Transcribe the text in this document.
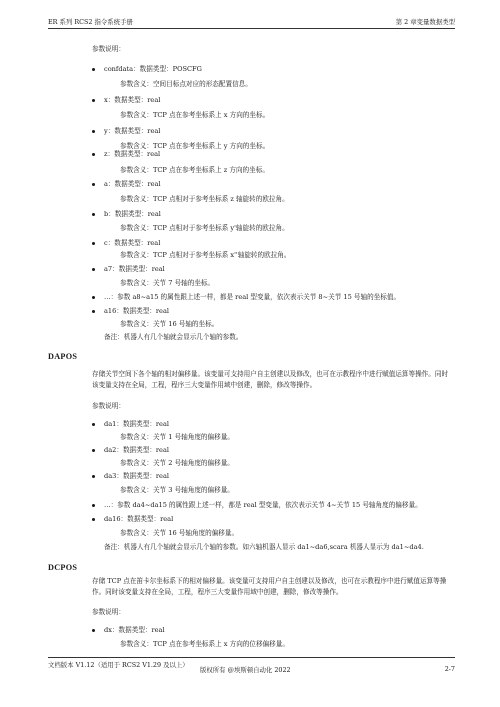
ER 系列 RCS2 指令系统手册	第 2 章变量数据类型
参数说明：
confdata：数据类型：POSCFG
参数含义：空间目标点对应的形态配置信息。
x：数据类型：real
参数含义：TCP 点在参考坐标系上 x 方向的坐标。
y：数据类型：real
参数含义：TCP 点在参考坐标系上 y 方向的坐标。
z：数据类型：real
参数含义：TCP 点在参考坐标系上 z 方向的坐标。
a：数据类型：real
参数含义：TCP 点相对于参考坐标系 z 轴旋转的欧拉角。
b：数据类型：real
参数含义：TCP 点相对于参考坐标系 y'轴旋转的欧拉角。
c：数据类型：real
参数含义：TCP 点相对于参考坐标系 x''轴旋转的欧拉角。
a7：数据类型：real
参数含义：关节 7 号轴的坐标。
…：参数 a8~a15 的属性跟上述一样，都是 real 型变量，依次表示关节 8~关节 15 号轴的坐标值。
a16：数据类型：real
参数含义：关节 16 号轴的坐标。
备注：机器人有几个轴就会显示几个轴的参数。
DAPOS
存储关节空间下各个轴的相对偏移量。该变量可支持用户自主创建以及修改，也可在示教程序中进行赋值运算等操作。同时该变量支持在全局，工程，程序三大变量作用域中创建，删除，修改等操作。
参数说明：
da1：数据类型：real
参数含义：关节 1 号轴角度的偏移量。
da2：数据类型：real
参数含义：关节 2 号轴角度的偏移量。
da3：数据类型：real
参数含义：关节 3 号轴角度的偏移量。
…：参数 da4~da15 的属性跟上述一样，都是 real 型变量，依次表示关节 4~关节 15 号轴角度的偏移量。
da16：数据类型：real
参数含义：关节 16 号轴角度的偏移量。
备注：机器人有几个轴就会显示几个轴的参数。如六轴机器人显示 da1~da6,scara 机器人显示为 da1~da4.
DCPOS
存储 TCP 点在笛卡尔坐标系下的相对偏移量。该变量可支持用户自主创建以及修改，也可在示教程序中进行赋值运算等操作。同时该变量支持在全局，工程，程序三大变量作用域中创建，删除，修改等操作。
参数说明：
dx：数据类型：real
参数含义：TCP 点在参考坐标系上 x 方向的位移偏移量。
文档版本 V1.12（适用于 RCS2 V1.29 及以上）
版权所有 @埃斯顿自动化 2022	2-7
